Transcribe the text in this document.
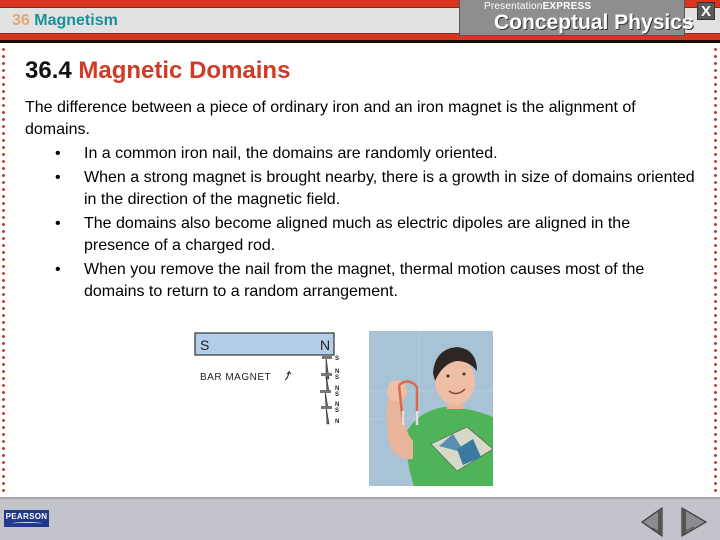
36 Magnetism
PresentationEXPRESS
Conceptual Physics X
36.4 Magnetic Domains

The difference between a piece of ordinary iron and an iron magnet is the alignment of domains.

• In a common iron nail, the domains are randomly oriented.
• When a strong magnet is brought nearby, there is a growth in size of domains oriented in the direction of the magnetic field.
• The domains also become aligned much as electric dipoles are aligned in the presence of a charged rod.
• When you remove the nail from the magnet, thermal motion causes most of the domains to return to a random arrangement.
S	N
BAR MAGNET
S
N
S
N
S
N
S
N
PEARSON
